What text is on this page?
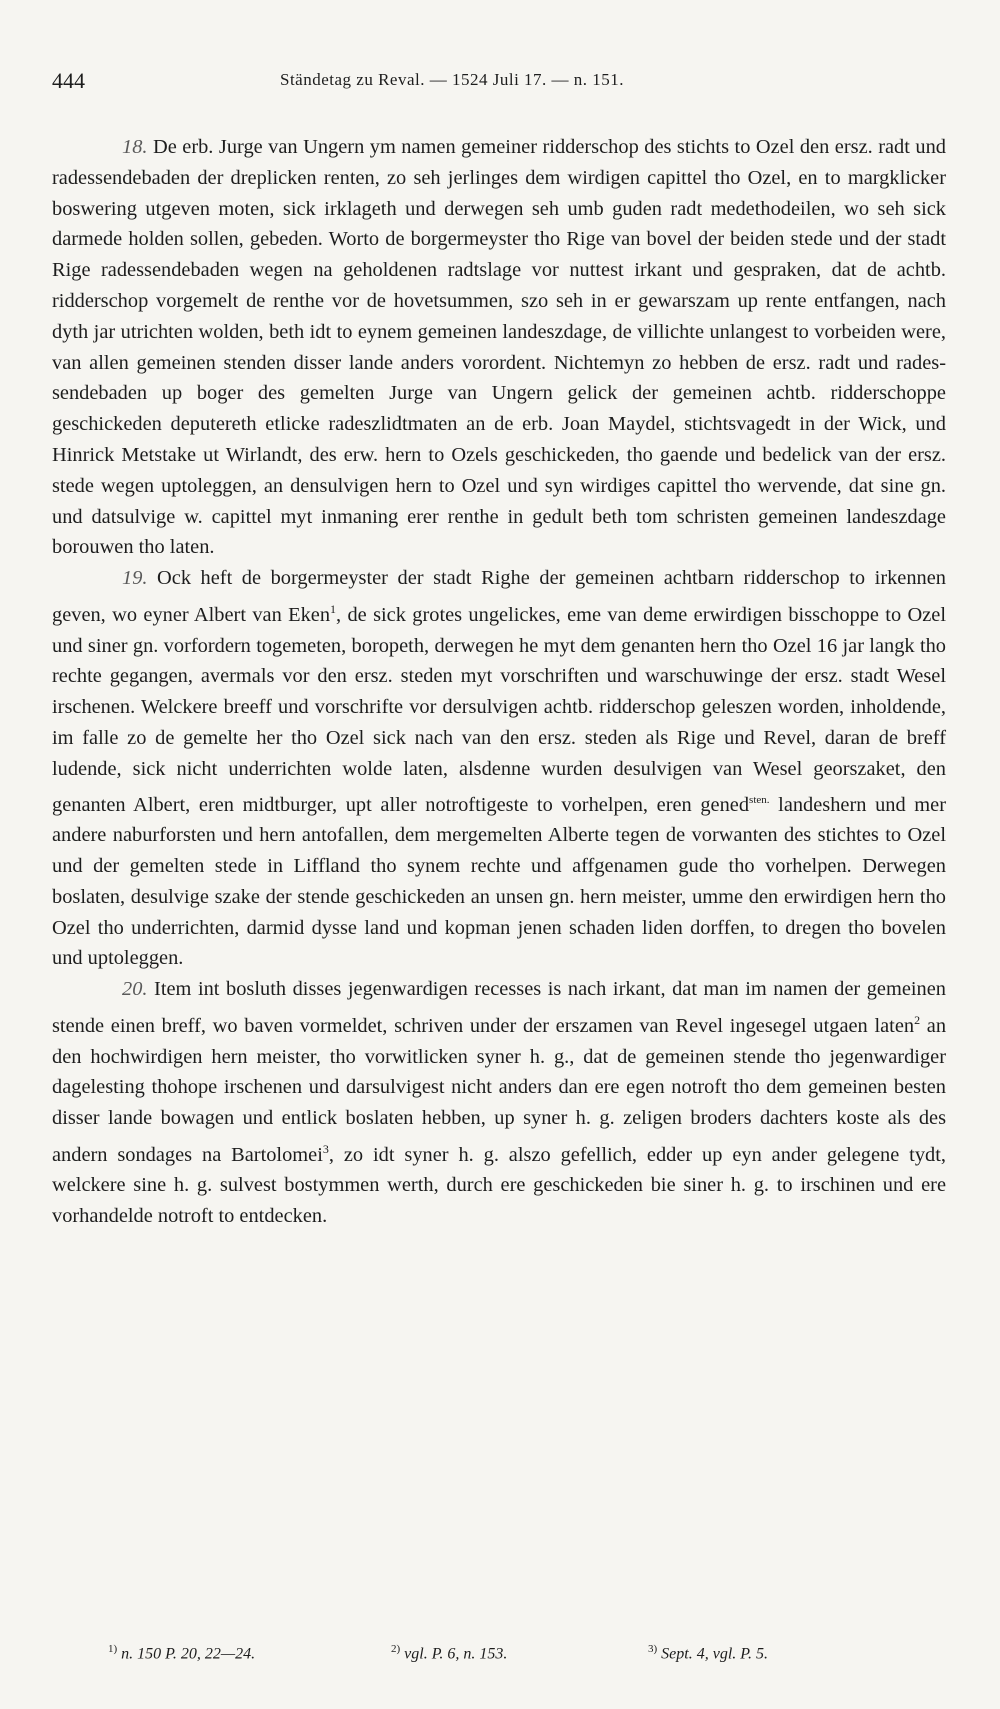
444	Ständetag zu Reval. — 1524 Juli 17. — n. 151.

18. De erb. Jurge van Ungern ym namen gemeiner ridderschop des stichts to Ozel den ersz. radt und radessendebaden der dreplicken renten, zo seh jerlinges dem wirdigen capittel tho Ozel, en to margklicker boswering utgeven moten, sick irklageth und derwegen seh umb guden radt medethodeilen, wo seh sick darmede holden sollen, gebeden. Worto de borgermeyster tho Rige van bovel der beiden stede und der stadt Rige radessendebaden wegen na geholdenen radtslage vor nuttest irkant und gespraken, dat de achtb. ridderschop vorgemelt de renthe vor de hovetsummen, szo seh in er gewarszam up rente entfangen, nach dyth jar utrichten wolden, beth idt to eynem gemeinen landeszdage, de villichte unlangest to vorbeiden were, van allen gemeinen stenden disser lande anders vorordent. Nichtemyn zo hebben de ersz. radt und radessendebaden up boger des gemelten Jurge van Ungern gelick der gemeinen achtb. ridderschoppe geschickeden deputereth etlicke radeszlidtmaten an de erb. Joan Maydel, stichtsvagedt in der Wick, und Hinrick Metstake ut Wirlandt, des erw. hern to Ozels geschickeden, tho gaende und bedelick van der ersz. stede wegen uptoleggen, an densulvigen hern to Ozel und syn wirdiges capittel tho wervende, dat sine gn. und datsulvige w. capittel myt inmaning erer renthe in gedult beth tom schristen gemeinen landeszdage borouwen tho laten.

19. Ock heft de borgermeyster der stadt Righe der gemeinen achtbarn ridderschop to irkennen geven, wo eyner Albert van Eken$^1$, de sick grotes ungelickes, eme van deme erwirdigen bisschoppe to Ozel und siner gn. vorfordern togemeten, boropeth, derwegen he myt dem genanten hern tho Ozel 16 jar langk tho rechte gegangen, avermals vor den ersz. steden myt vorschriften und warschuwinge der ersz. stadt Wesel irschenen. Welckere breeff und vorschrifte vor dersulvigen achtb. ridderschop geleszen worden, inholdende, im falle zo de gemelte her tho Ozel sick nach van den ersz. steden als Rige und Revel, daran de breff ludende, sick nicht underrichten wolde laten, alsdenne wurden desulvigen van Wesel georszaket, den genanten Albert, eren midtburger, upt aller notroftigeste to vorhelpen, eren gened$^{sten.}$ landeshern und mer andere naburforsten und hern antofallen, dem mergemelten Alberte tegen de vorwanten des stichtes to Ozel und der gemelten stede in Liffland tho synem rechte und affgenamen gude tho vorhelpen. Derwegen boslaten, desulvige szake der stende geschickeden an unsen gn. hern meister, umme den erwirdigen hern tho Ozel tho underrichten, darmid dysse land und kopman jenen schaden liden dorffen, to dregen tho bovelen und uptoleggen.

20. Item int bosluth disses jegenwardigen recesses is nach irkant, dat man im namen der gemeinen stende einen breff, wo baven vormeldet, schriven under der erszamen van Revel ingesegel utgaen laten$^2$ an den hochwirdigen hern meister, tho vorwitlicken syner h. g., dat de gemeinen stende tho jegenwardiger dagelesting thohope irschenen und darsulvigest nicht anders dan ere egen notroft tho dem gemeinen besten disser lande bowagen und entlick boslaten hebben, up syner h. g. zeligen broders dachters koste als des andern sondages na Bartolomei$^3$, zo idt syner h. g. alszo gefellich, edder up eyn ander gelegene tydt, welckere sine h. g. sulvest bostymmen werth, durch ere geschickeden bie siner h. g. to irschinen und ere vorhandelde notroft to entdecken.

$^{1)}$ n. 150 P. 20, 22—24.	$^{2)}$ vgl. P. 6, n. 153.	$^{3)}$ Sept. 4, vgl. P. 5.
